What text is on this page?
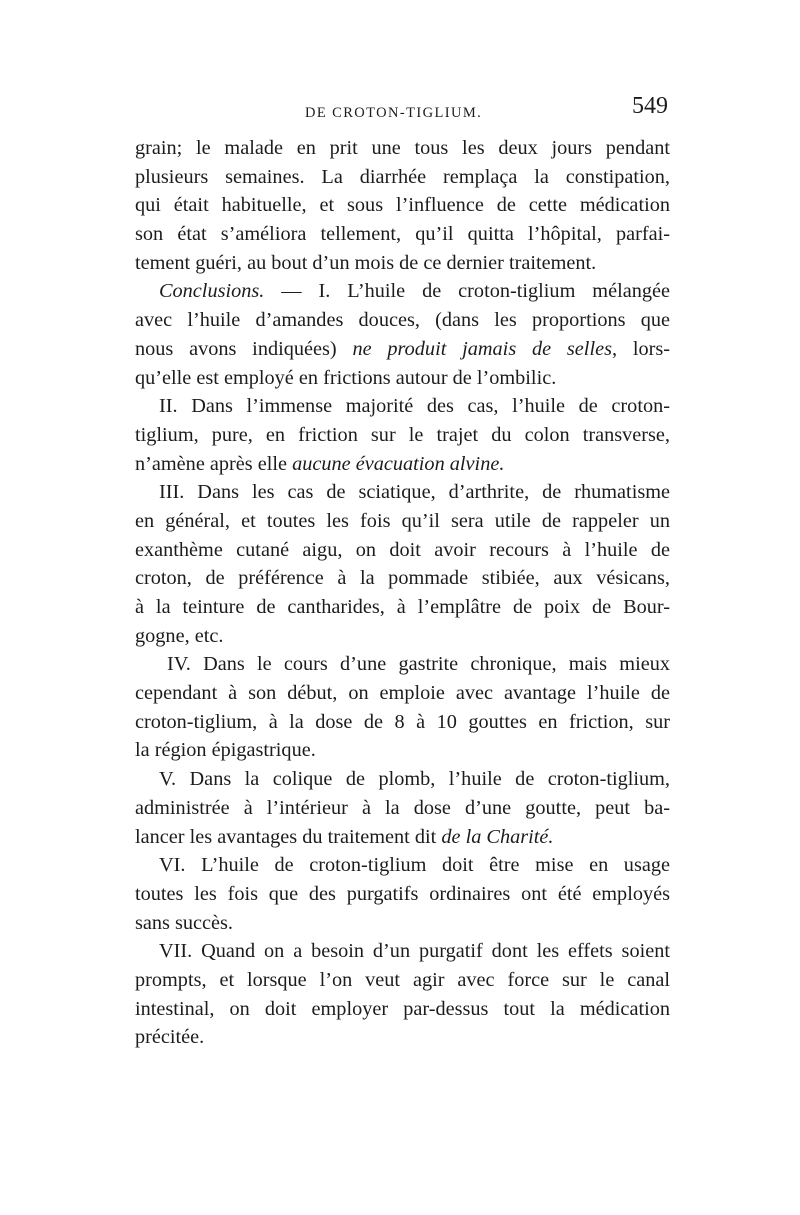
DE CROTON-TIGLIUM.	549
grain; le malade en prit une tous les deux jours pendant
plusieurs semaines. La diarrhée remplaça la constipation,
qui était habituelle, et sous l’influence de cette médication
son état s’améliora tellement, qu’il quitta l’hôpital, parfai-
tement guéri, au bout d’un mois de ce dernier traitement.
Conclusions. — I. L’huile de croton-tiglium mélangée
avec l’huile d’amandes douces, (dans les proportions que
nous avons indiquées) ne produit jamais de selles, lors-
qu’elle est employé en frictions autour de l’ombilic.
II. Dans l’immense majorité des cas, l’huile de croton-
tiglium, pure, en friction sur le trajet du colon transverse,
n’amène après elle aucune évacuation alvine.
III. Dans les cas de sciatique, d’arthrite, de rhumatisme
en général, et toutes les fois qu’il sera utile de rappeler un
exanthème cutané aigu, on doit avoir recours à l’huile de
croton, de préférence à la pommade stibiée, aux vésicans,
à la teinture de cantharides, à l’emplâtre de poix de Bour-
gogne, etc.
IV. Dans le cours d’une gastrite chronique, mais mieux
cependant à son début, on emploie avec avantage l’huile de
croton-tiglium, à la dose de 8 à 10 gouttes en friction, sur
la région épigastrique.
V. Dans la colique de plomb, l’huile de croton-tiglium,
administrée à l’intérieur à la dose d’une goutte, peut ba-
lancer les avantages du traitement dit de la Charité.
VI. L’huile de croton-tiglium doit être mise en usage
toutes les fois que des purgatifs ordinaires ont été employés
sans succès.
VII. Quand on a besoin d’un purgatif dont les effets soient
prompts, et lorsque l’on veut agir avec force sur le canal
intestinal, on doit employer par-dessus tout la médication
précitée.
